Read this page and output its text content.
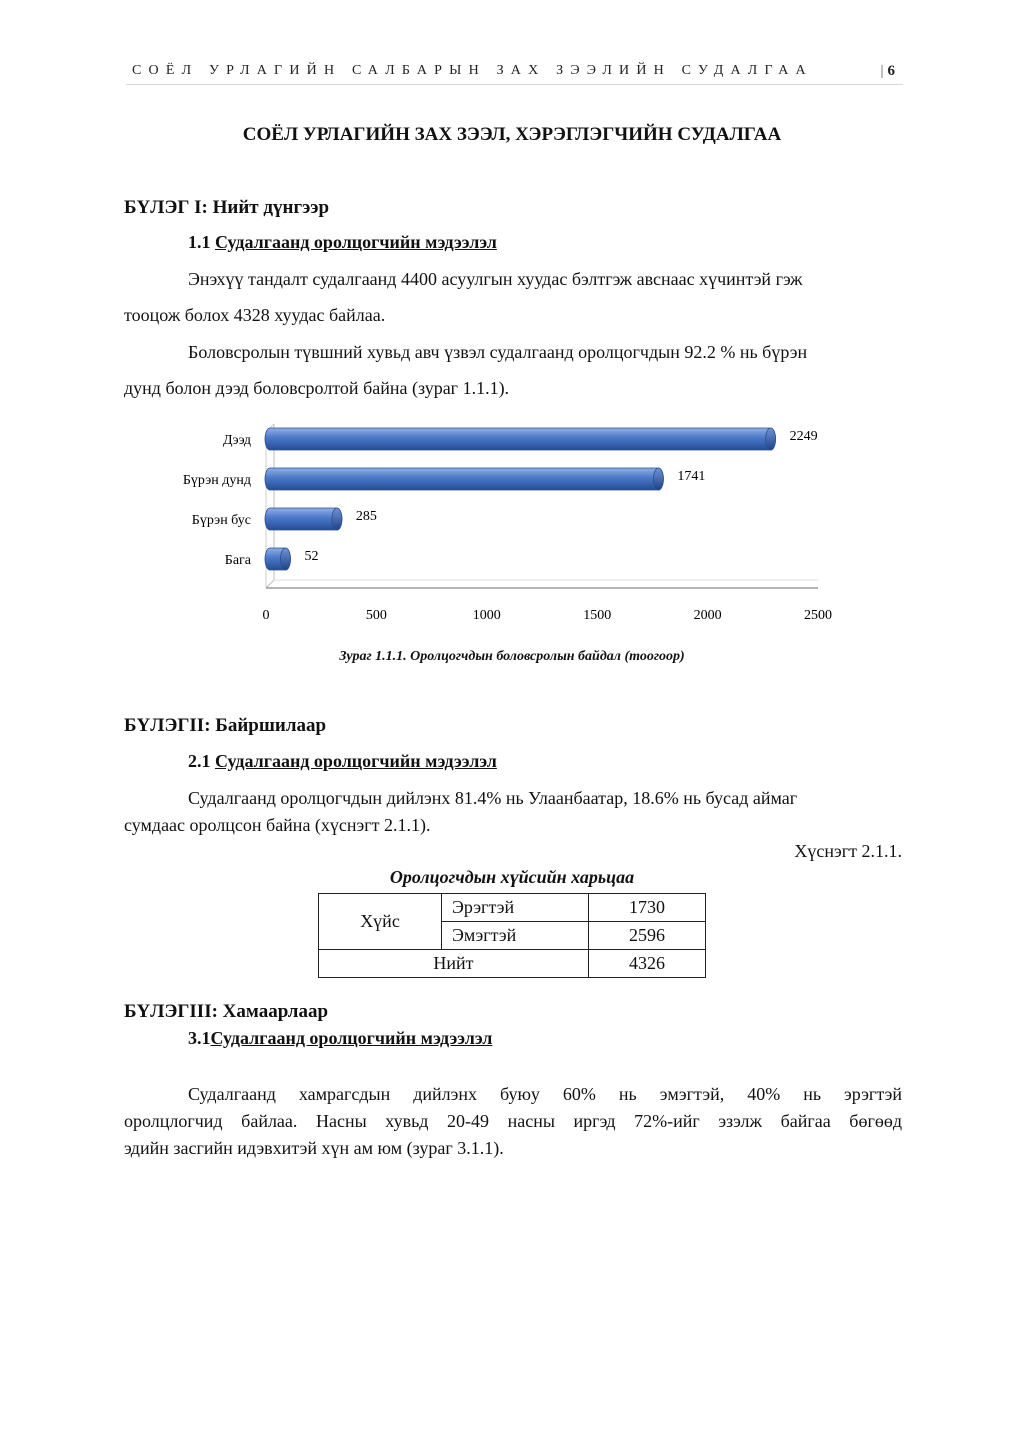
СОЁЛ УРЛАГИЙН САЛБАРЫН ЗАХ ЗЭЭЛИЙН СУДАЛГАА	| 6
СОЁЛ УРЛАГИЙН ЗАХ ЗЭЭЛ, ХЭРЭГЛЭГЧИЙН СУДАЛГАА
БҮЛЭГ I: Нийт дүнгээр
1.1 Судалгаанд оролцогчийн мэдээлэл
Энэхүү тандалт судалгаанд 4400 асуулгын хуудас бэлтгэж авснаас хүчинтэй гэж
тооцож болох 4328 хуудас байлаа.
Боловсролын түвшний хувьд авч үзвэл судалгаанд оролцогчдын 92.2 % нь бүрэн
дунд болон дээд боловсролтой байна (зураг 1.1.1).
0	500	1000	1500	2000	2500
Дээд	2249
Бүрэн дунд	1741
Бүрэн бус	285
Бага	52
Зураг 1.1.1. Оролцогчдын боловсролын байдал (тоогоор)
БҮЛЭГII: Байршилаар
2.1 Судалгаанд оролцогчийн мэдээлэл
Судалгаанд оролцогчдын дийлэнх 81.4% нь Улаанбаатар, 18.6% нь бусад аймаг
сумдаас оролцсон байна (хүснэгт 2.1.1).
Хүснэгт 2.1.1.
Оролцогчдын хүйсийн харьцаа
Хүйс	Эрэгтэй	1730
	Эмэгтэй	2596
Нийт		4326
БҮЛЭГIII: Хамаарлаар
3.1Судалгаанд оролцогчийн мэдээлэл
Судалгаанд хамрагсдын дийлэнх буюу 60% нь эмэгтэй, 40% нь эрэгтэй
оролцлогчид байлаа. Насны хувьд 20-49 насны иргэд 72%-ийг эзэлж байгаа бөгөөд
эдийн засгийн идэвхитэй хүн ам юм (зураг 3.1.1).
